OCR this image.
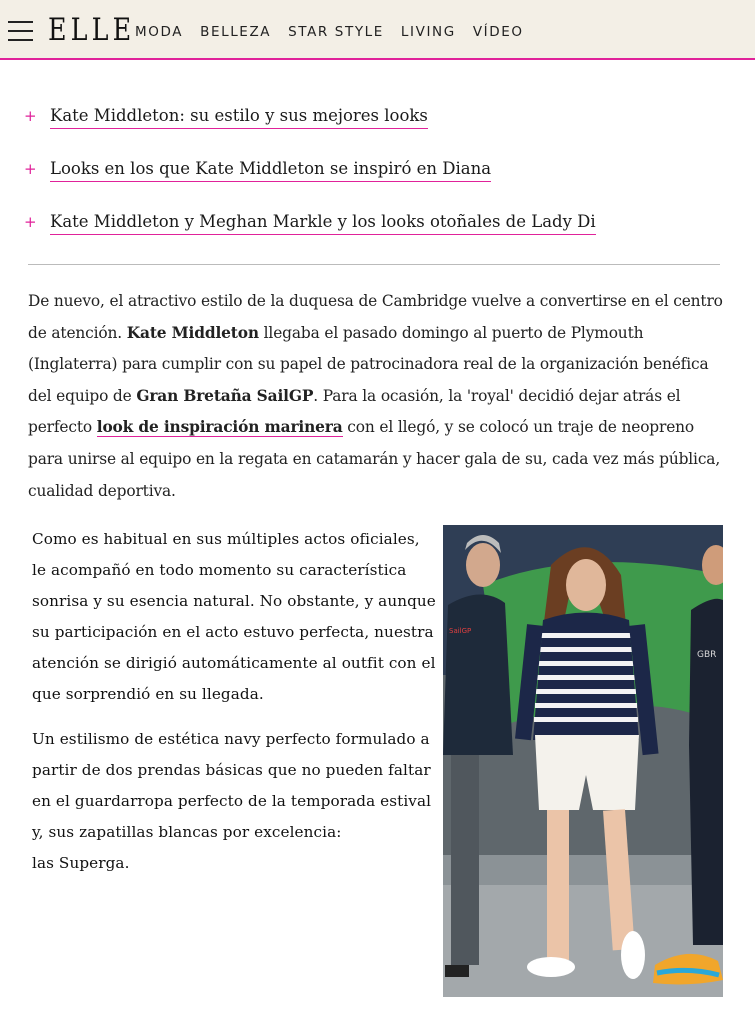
ELLE MODA BELLEZA STAR STYLE LIVING VÍDEO
+ Kate Middleton: su estilo y sus mejores looks
+ Looks en los que Kate Middleton se inspiró en Diana
+ Kate Middleton y Meghan Markle y los looks otoñales de Lady Di

De nuevo, el atractivo estilo de la duquesa de Cambridge vuelve a convertirse en el centro de atención. Kate Middleton llegaba el pasado domingo al puerto de Plymouth (Inglaterra) para cumplir con su papel de patrocinadora real de la organización benéfica del equipo de Gran Bretaña SailGP. Para la ocasión, la 'royal' decidió dejar atrás el perfecto look de inspiración marinera con el llegó, y se colocó un traje de neopreno para unirse al equipo en la regata en catamarán y hacer gala de su, cada vez más pública, cualidad deportiva.

Como es habitual en sus múltiples actos oficiales, le acompañó en todo momento su característica sonrisa y su esencia natural. No obstante, y aunque su participación en el acto estuvo perfecta, nuestra atención se dirigió automáticamente al outfit con el que sorprendió en su llegada.

Un estilismo de estética navy perfecto formulado a partir de dos prendas básicas que no pueden faltar en el guardarropa perfecto de la temporada estival y, sus zapatillas blancas por excelencia:
las Superga.

SailGP
GBR
